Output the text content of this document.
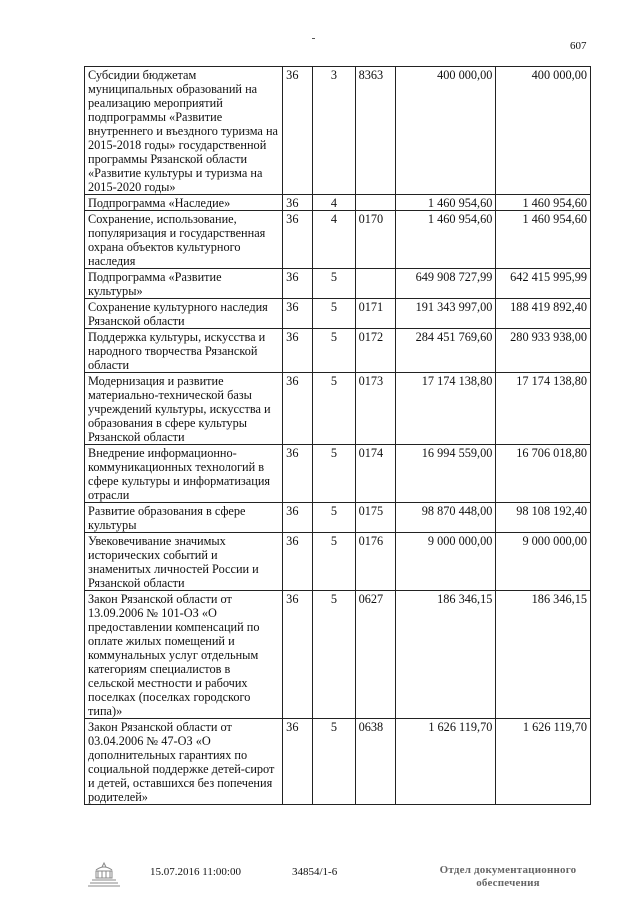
607
Субсидии бюджетам муниципальных образований на реализацию мероприятий подпрограммы «Развитие внутреннего и въездного туризма на 2015-2018 годы» государственной программы Рязанской области «Развитие культуры и туризма на 2015-2020 годы»	36	3	8363	400 000,00	400 000,00
Подпрограмма «Наследие»	36	4		1 460 954,60	1 460 954,60
Сохранение, использование, популяризация и государственная охрана объектов культурного наследия	36	4	0170	1 460 954,60	1 460 954,60
Подпрограмма «Развитие культуры»	36	5		649 908 727,99	642 415 995,99
Сохранение культурного наследия Рязанской области	36	5	0171	191 343 997,00	188 419 892,40
Поддержка культуры, искусства и народного творчества Рязанской области	36	5	0172	284 451 769,60	280 933 938,00
Модернизация и развитие материально-технической базы учреждений культуры, искусства и образования в сфере культуры Рязанской области	36	5	0173	17 174 138,80	17 174 138,80
Внедрение информационно-коммуникационных технологий в сфере культуры и информатизация отрасли	36	5	0174	16 994 559,00	16 706 018,80
Развитие образования в сфере культуры	36	5	0175	98 870 448,00	98 108 192,40
Увековечивание значимых исторических событий и знаменитых личностей России и Рязанской области	36	5	0176	9 000 000,00	9 000 000,00
Закон Рязанской области от 13.09.2006 № 101-ОЗ «О предоставлении компенсаций по оплате жилых помещений и коммунальных услуг отдельным категориям специалистов в сельской местности и рабочих поселках (поселках городского типа)»	36	5	0627	186 346,15	186 346,15
Закон Рязанской области от 03.04.2006 № 47-ОЗ «О дополнительных гарантиях по социальной поддержке детей-сирот и детей, оставшихся без попечения родителей»	36	5	0638	1 626 119,70	1 626 119,70
15.07.2016 11:00:00	34854/1-6	Отдел документационного обеспечения
